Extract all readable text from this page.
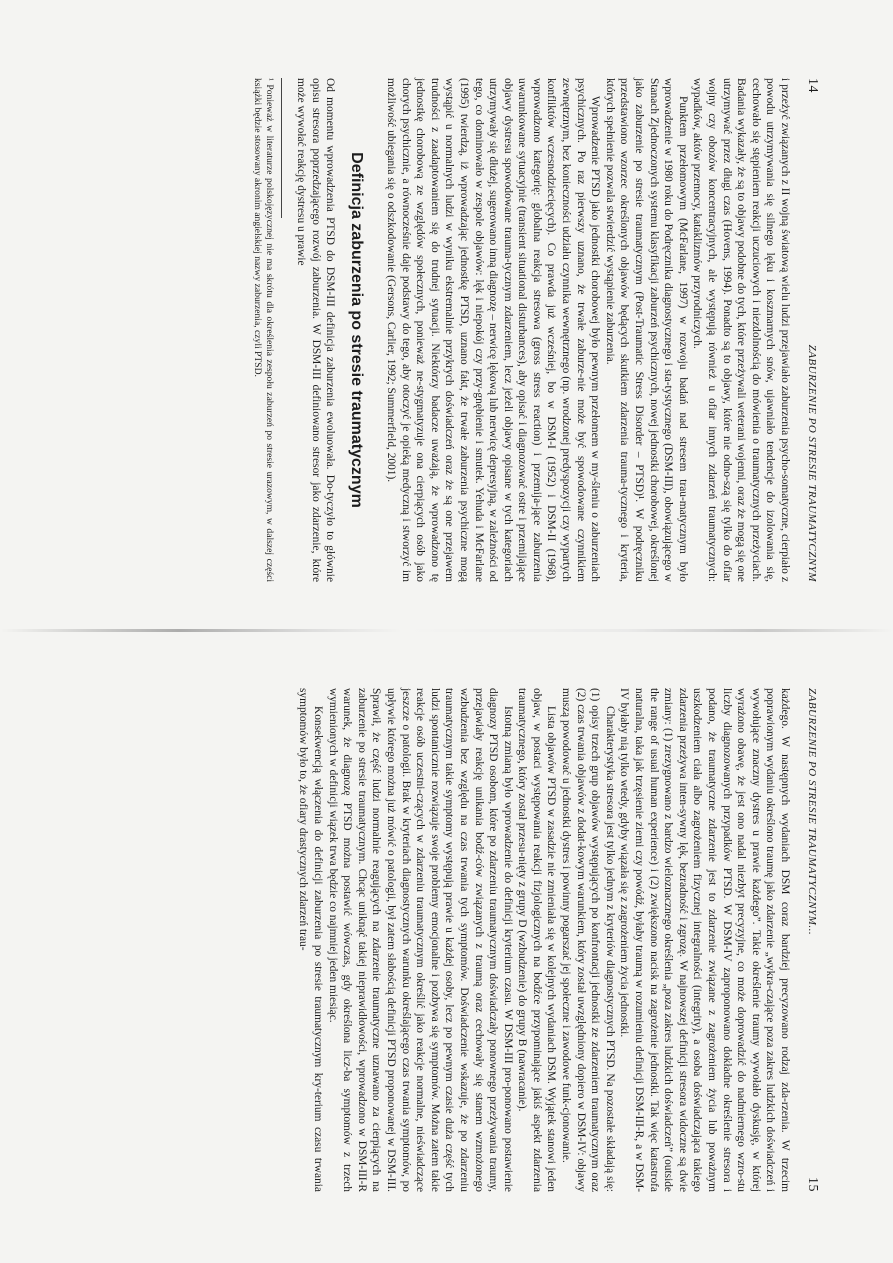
14
ZABURZENIE PO STRESIE TRAUMATYCZNYM

i przeżyć związanych z II wojną światową wielu ludzi przejawiało zaburzenia psycho-somatyczne, cierpiało z powodu utrzymywania się silnego lęku i koszmarnych snów, ujawniało tendencje do izolowania się, cechowało się stępieniem reakcji uczuciowych i niezdolnością do mówienia o traumatycznych przeżyciach. Badania wykazały, że są to objawy podobne do tych, które przeżywali weterani wojenni, oraz że mogą się one utrzymywać przez długi czas (Hovens, 1994). Ponadto są to objawy, które nie odno-szą się tylko do ofiar wojny czy obozów koncentracyjnych, ale występują również u ofiar innych zdarzeń traumatycznych: wypadków, aktów przemocy, kataklizmów przyrodniczych.

Punktem przełomowym (McFarlane, 1997) w rozwoju badań nad stresem trau-matycznym było wprowadzenie w 1980 roku do Podręcznika diagnostycznego i sta-tystycznego (DSM-III), obowiązującego w Stanach Zjednoczonych systemu klasyfikacji zaburzeń psychicznych, nowej jednostki chorobowej, określonej jako zaburzenie po stresie traumatycznym (Post-Traumatic Stress Disorder – PTSD)¹. W podręczniku przedstawiono wzorzec określonych objawów będących skutkiem zdarzenia trauma-tycznego i kryteria, których spełnienie pozwala stwierdzić wystąpienie zaburzenia.

Wprowadzenie PTSD jako jednostki chorobowej było pewnym przełomem w my-śleniu o zaburzeniach psychicznych. Po raz pierwszy uznano, że trwałe zaburze-nie może być spowodowane czynnikiem zewnętrznym, bez konieczności udziału czynnika wewnętrznego (np. wrodzonej predyspozycji czy wypartych konfliktów wczesnodziecięcych). Co prawda już wcześniej, bo w DSM-I (1952) i DSM-II (1968), wprowadzono kategorię: globalna reakcja stresowa (gross stress reaction) i przemija-jące zaburzenia uwarunkowane sytuacyjnie (transient situational disturbances), aby opisać i diagnozować ostre i przemijające objawy dystresu spowodowane trauma-tycznym zdarzeniem, lecz jeżeli objawy opisane w tych kategoriach utrzymywały się dłużej, sugerowano inną diagnozę – nerwicę lękową lub nerwicę depresyjną, w zależności od tego, co dominowało w zespole objawów: lęk i niepokój czy przy-gnębienie i smutek. Yehuda i McFarlane (1995) twierdzą, iż wprowadzając jednostkę PTSD, uznano fakt, że trwałe zaburzenia psychiczne mogą wystąpić u normalnych ludzi w wyniku ekstremalnie przykrych doświadczeń oraz że są one przejawem trudności z zaadaptowaniem się do trudnej sytuacji. Niektórzy badacze uważają, że wprowadzono tę jednostkę chorobową ze względów społecznych, ponieważ ne-stygmatyzuje ona cierpiących osób jako chorych psychicznie, a równocześnie daje podstawy do tego, aby otoczyć je opieką medyczną i stworzyć im możliwość ubiegania się o odszkodowanie (Gersons, Carlier, 1992; Summerfield, 2001).

Definicja zaburzenia po stresie traumatycznym

Od momentu wprowadzenia PTSD do DSM-III definicja zaburzenia ewoluowała. Do-tyczyło to głównie opisu stresora poprzedzającego rozwój zaburzenia. W DSM-III definiowano stresor jako zdarzenie, które może wywołać reakcję dystresu u prawie

¹ Ponieważ w literaturze polskojęzycznej nie ma skrótu dla określenia zespołu zaburzeń po stresie urazowym, w dalszej części książki będzie stosowany akronim angielskiej nazwy zaburzenia, czyli PTSD.

ZABURZENIE PO STRESIE TRAUMATYCZNYM...
15

każdego. W następnych wydaniach DSM coraz bardziej precyzowano rodzaj zda-rzenia. W trzecim poprawionym wydaniu określono traumę jako zdarzenie „wykra-czające poza zakres ludzkich doświadczeń i wywołujące znaczny dystres u prawie każdego”. Takie określenie traumy wywołało dyskusję, w której wyrażono obawę, że jest ono nadal niezbyt precyzyjne, co może doprowadzić do nadmiernego wzro-stu liczby diagnozowanych przypadków PTSD. W DSM-IV zaproponowano dokładne określenie stresora i podano, że traumatyczne zdarzenie jest to zdarzenie związane z zagrożeniem życia lub poważnym uszkodzeniem ciała albo zagrożeniem fizycznej integralności (integrity), a osoba doświadczająca takiego zdarzenia przeżywa inten-sywny lęk, bezradność i zgrozę. W najnowszej definicji stresora widoczne są dwie zmiany: (1) zrezygnowano z bardzo wieloznacznego określenia „poza zakres ludzkich doświadczeń” (outside the range of usual human experience) i (2) zwiększono nacisk na zagrożenie jednostki. Tak więc katastrofa naturalna, taka jak trzęsienie ziemi czy powódź, byłaby traumą w rozumieniu definicji DSM-III-R, a w DSM-IV byłaby nią tylko wtedy, gdyby wiązała się z zagrożeniem życia jednostki.

Charakterystyka stresora jest tylko jednym z kryteriów diagnostycznych PTSD. Na pozostałe składają się: (1) opisy trzech grup objawów występujących po konfrontacji jednostki ze zdarzeniem traumatycznym oraz (2) czas trwania objawów z dodat-kowym warunkiem, który został uwzględniony dopiero w DSM-IV: objawy muszą powodować u jednostki dystres i powinny pogarszać jej społeczne i zawodowe funk-cjonowanie.

Lista objawów PTSD w zasadzie nie zmieniała się w kolejnych wydaniach DSM. Wyjątek stanowi jeden objaw, w postaci występowania reakcji fizjologicznych na bodźce przypominające jakiś aspekt zdarzenia traumatycznego, który został przesu-nięty z grupy D (wzbudzenie) do grupy B (nawracanie).

Istotną zmianą było wprowadzenie do definicji kryterium czasu. W DSM-III pro-ponowano postawienie diagnozy PTSD osobom, które po zdarzeniu traumatycznym doświadczały ponownego przeżywania traumy, przejawiały reakcję unikania bodź-ców związanych z traumą oraz cechowały się stanem wzmożonego wzbudzenia bez względu na czas trwania tych symptomów. Doświadczenie wskazuje, że po zdarzeniu traumatycznym takie symptomy występują prawie u każdej osoby, lecz po pewnym czasie duża część tych ludzi spontanicznie rozwiązuje swoje problemy emocjonalne i pozbywa się symptomów. Można zatem takie reakcje osób uczestni-czących w zdarzeniu traumatycznym określić jako reakcje normalne, nieświadczące jeszcze o patologii. Brak w kryteriach diagnostycznych warunku określającego czas trwania symptomów, po upływie którego można już mówić o patologii, był zatem słabością definicji PTSD proponowanej w DSM-III. Sprawił, że część ludzi normalnie reagujących na zdarzenie traumatyczne uznawano za cierpiących na zaburzenie po stresie traumatycznym. Chcąc uniknąć takiej nieprawidłowości, wprowadzono w DSM-III-R warunek, że diagnozę PTSD można postawić wówczas, gdy określona licz-ba symptomów z trzech wymienionych w definicji wiązek trwa będzie co najmniej jeden miesiąc.

Konsekwencją włączenia do definicji zaburzenia po stresie traumatycznym kry-terium czasu trwania symptomów było to, że ofiary drastycznych zdarzeń trau-
